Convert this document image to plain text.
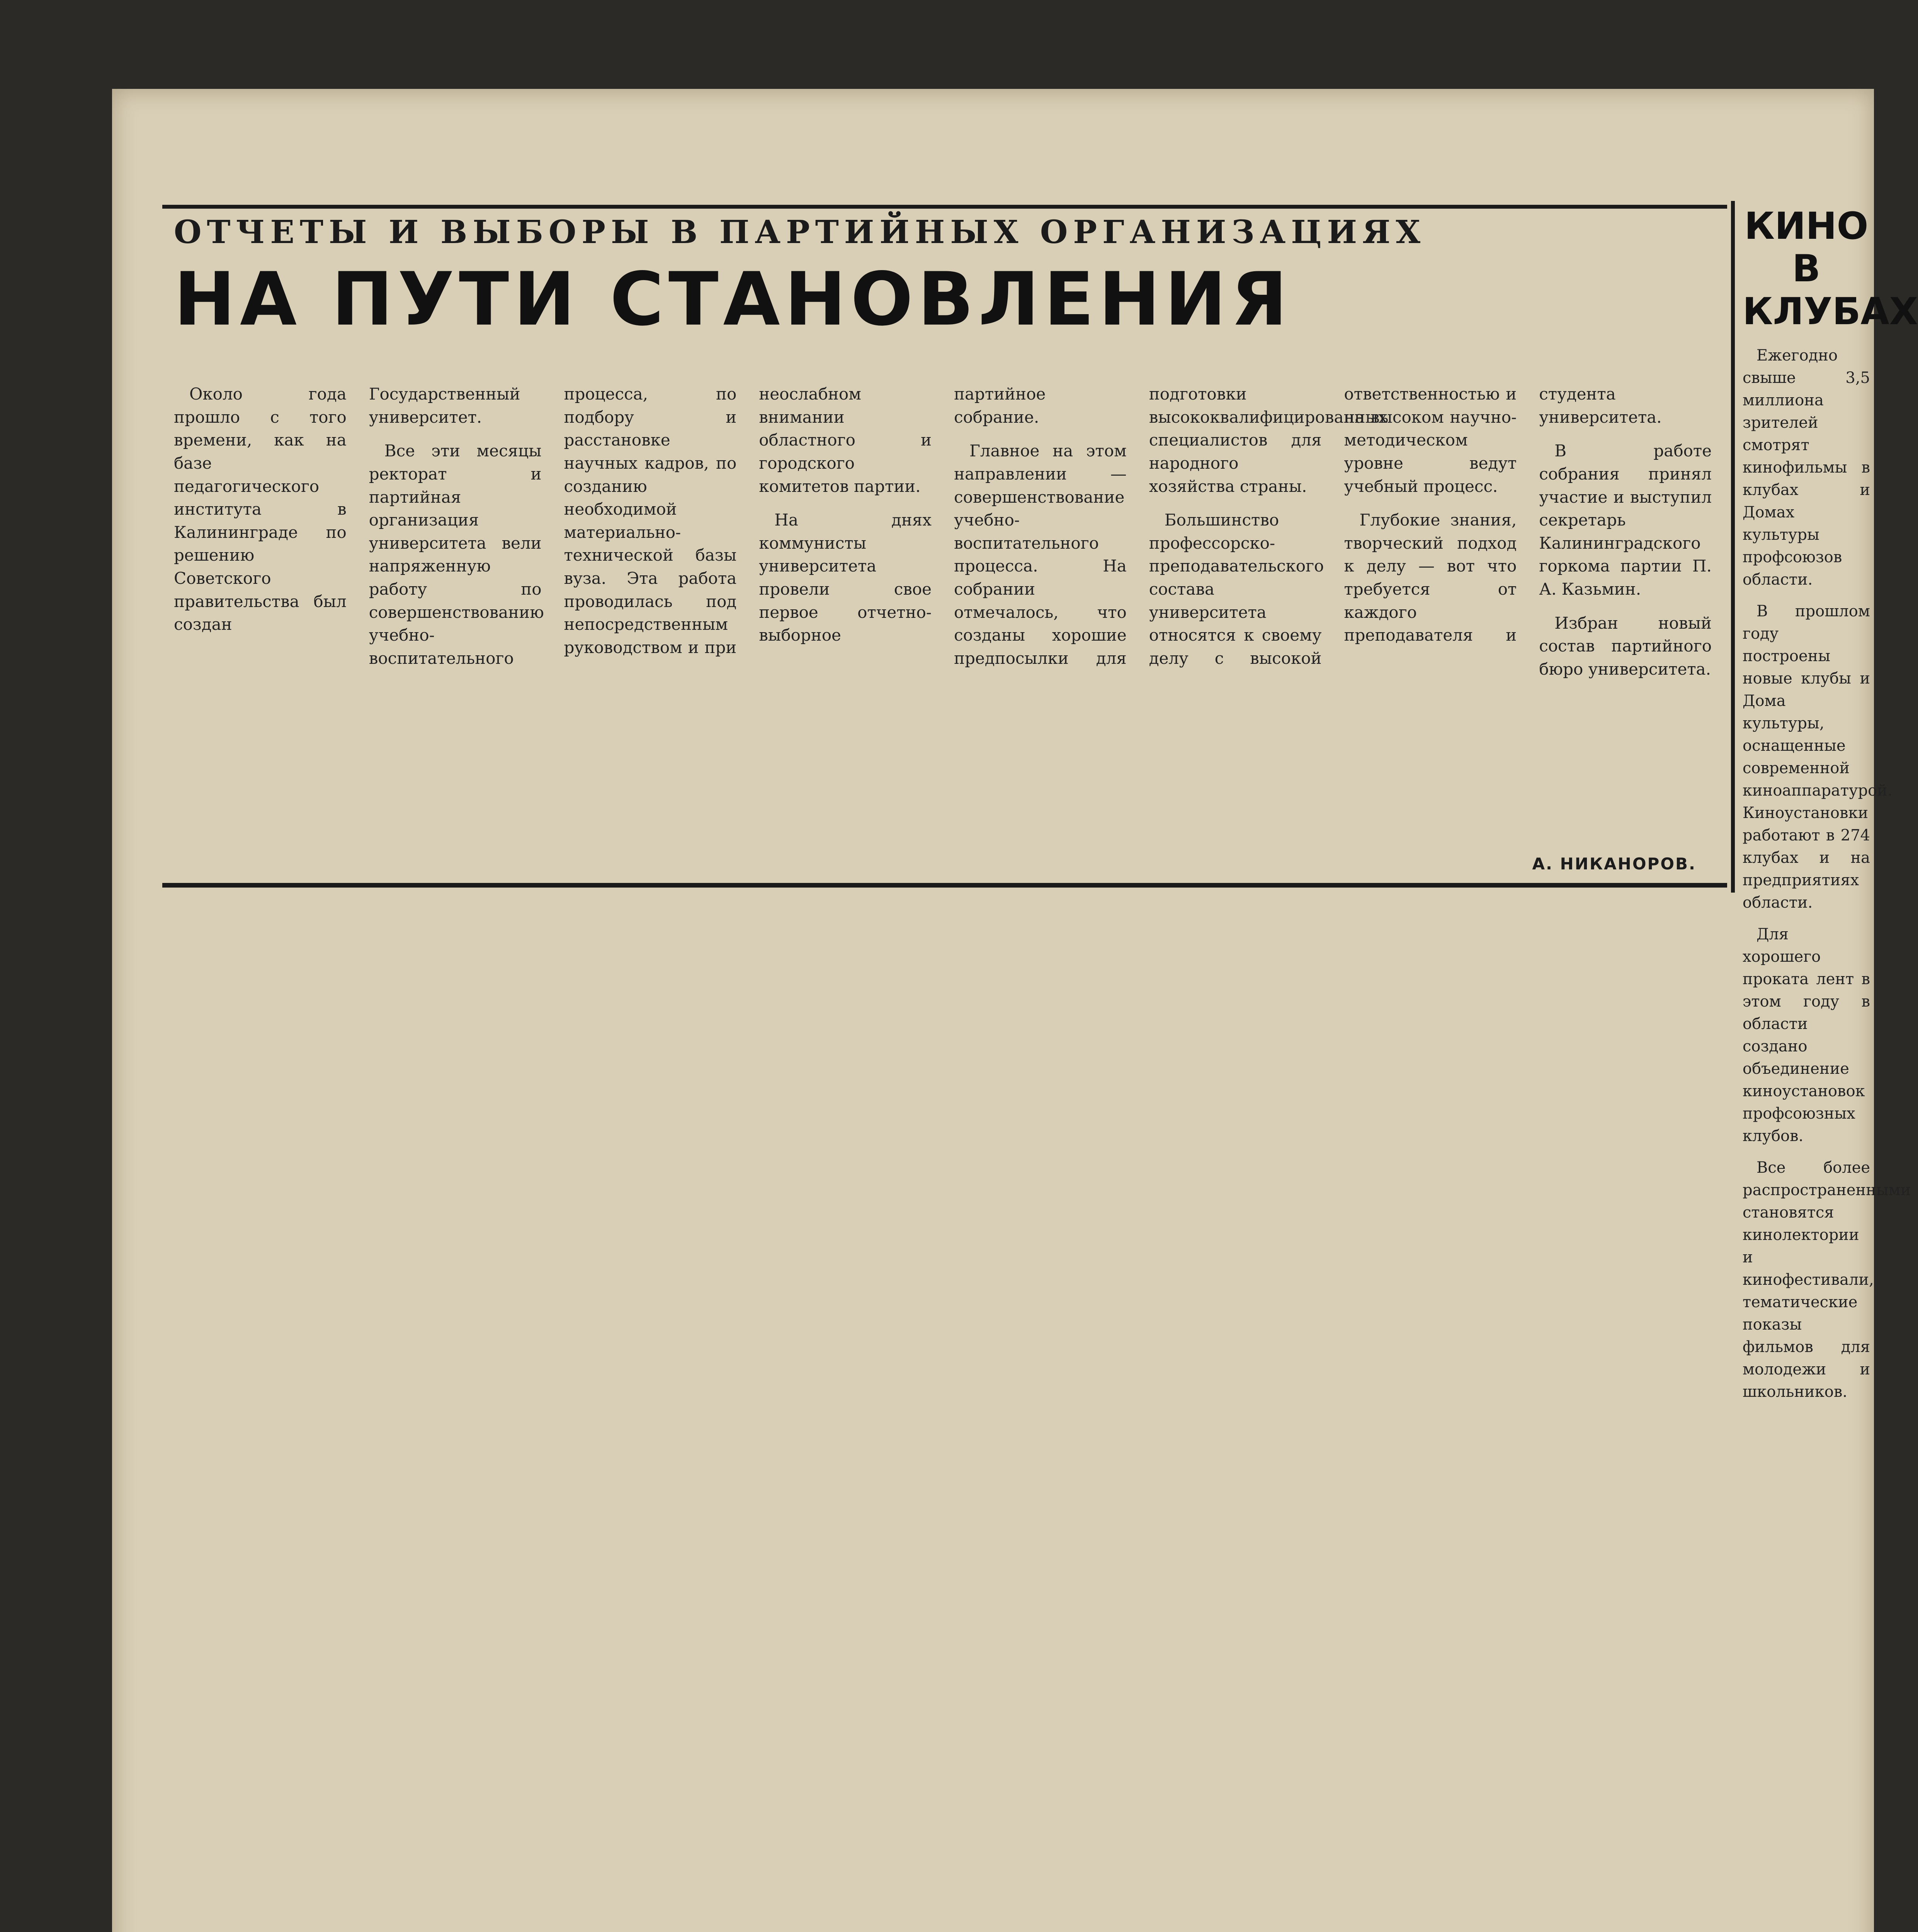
ОТЧЕТЫ И ВЫБОРЫ В ПАРТИЙНЫХ ОРГАНИЗАЦИЯХ
НА ПУТИ СТАНОВЛЕНИЯ

Около года прошло с того времени, как на базе педагогического института в Калининграде по решению Советского правительства был создан Государственный университет.

Все эти месяцы ректорат и партийная организация университета вели напряженную работу по совершенствованию учебно-воспитательного процесса, по подбору и расстановке научных кадров, по созданию необходимой материально-технической базы вуза. Эта работа проводилась под непосредственным руководством и при неослабном внимании областного и городского комитетов партии.

На днях коммунисты университета провели свое первое отчетно-выборное партийное собрание.

Главное на этом направлении — совершенствование учебно-воспитательного процесса. На собрании отмечалось, что созданы хорошие предпосылки для подготовки высококвалифицированных специалистов для народного хозяйства страны.

Большинство профессорско-преподавательского состава университета относятся к своему делу с высокой ответственностью и на высоком научно-методическом уровне ведут учебный процесс.

Глубокие знания, творческий подход к делу — вот что требуется от каждого преподавателя и студента университета.

В работе собрания принял участие и выступил секретарь Калининградского горкома партии П. А. Казьмин.

Избран новый состав партийного бюро университета.

А. НИКАНОРОВ.
КИНО В КЛУБАХ

Ежегодно свыше 3,5 миллиона зрителей смотрят кинофильмы в клубах и Домах культуры профсоюзов области.

В прошлом году построены новые клубы и Дома культуры, оснащенные современной киноаппаратурой. Киноустановки работают в 274 клубах и на предприятиях области.

Для хорошего проката лент в этом году в области создано объединение киноустановок профсоюзных клубов.

Все более распространенными становятся кинолектории и кинофестивали, тематические показы фильмов для молодежи и школьников.
